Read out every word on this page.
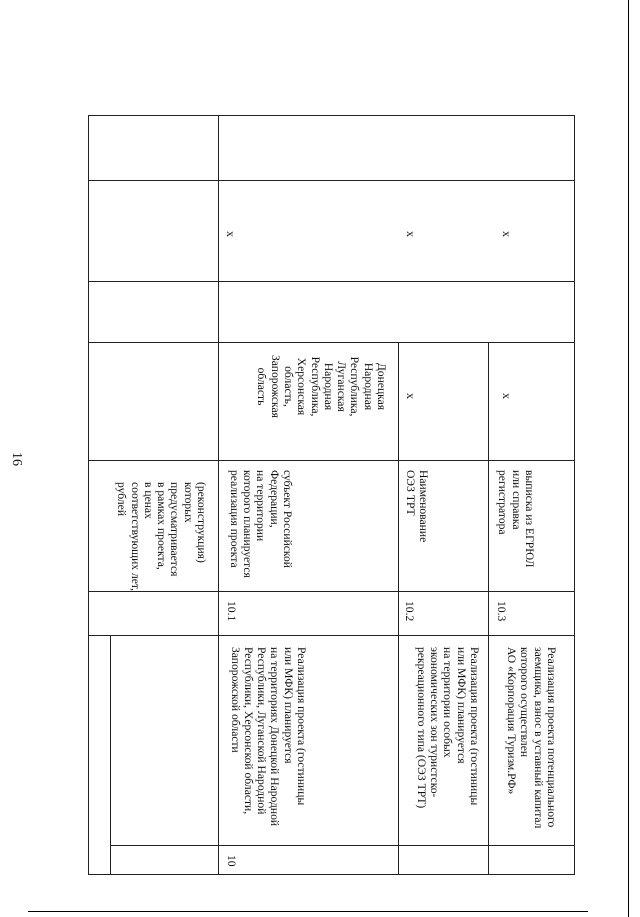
16
(реконструкция)
которых
предусматривается
в рамках проекта,
в ценах
соответствующих лет,
рублей
10
10.1
Реализация проекта (гостиницы
или МФК) планируется
на территориях Донецкой Народной
Республики, Луганской Народной
Республики, Херсонской области,
Запорожской области
субъект Российской
Федерации,
на территории
которого планируется
реализация проекта
Донецкая
Народная
Республика,
Луганская
Народная
Республика,
Херсонская
область,
Запорожская
область
x
10.2
Реализация проекта (гостиницы
или МФК) планируется
на территории особых
экономических зон туристско-
рекреационного типа (ОЭЗ ТРТ)
Наименование
ОЭЗ ТРТ
x
x
10.3
Реализация проекта потенциального
заемщика, взнос в уставный капитал
которого осуществлен
АО «Корпорация Туризм.РФ»
выписка из ЕГРЮЛ
или справка
регистратора
x
x
